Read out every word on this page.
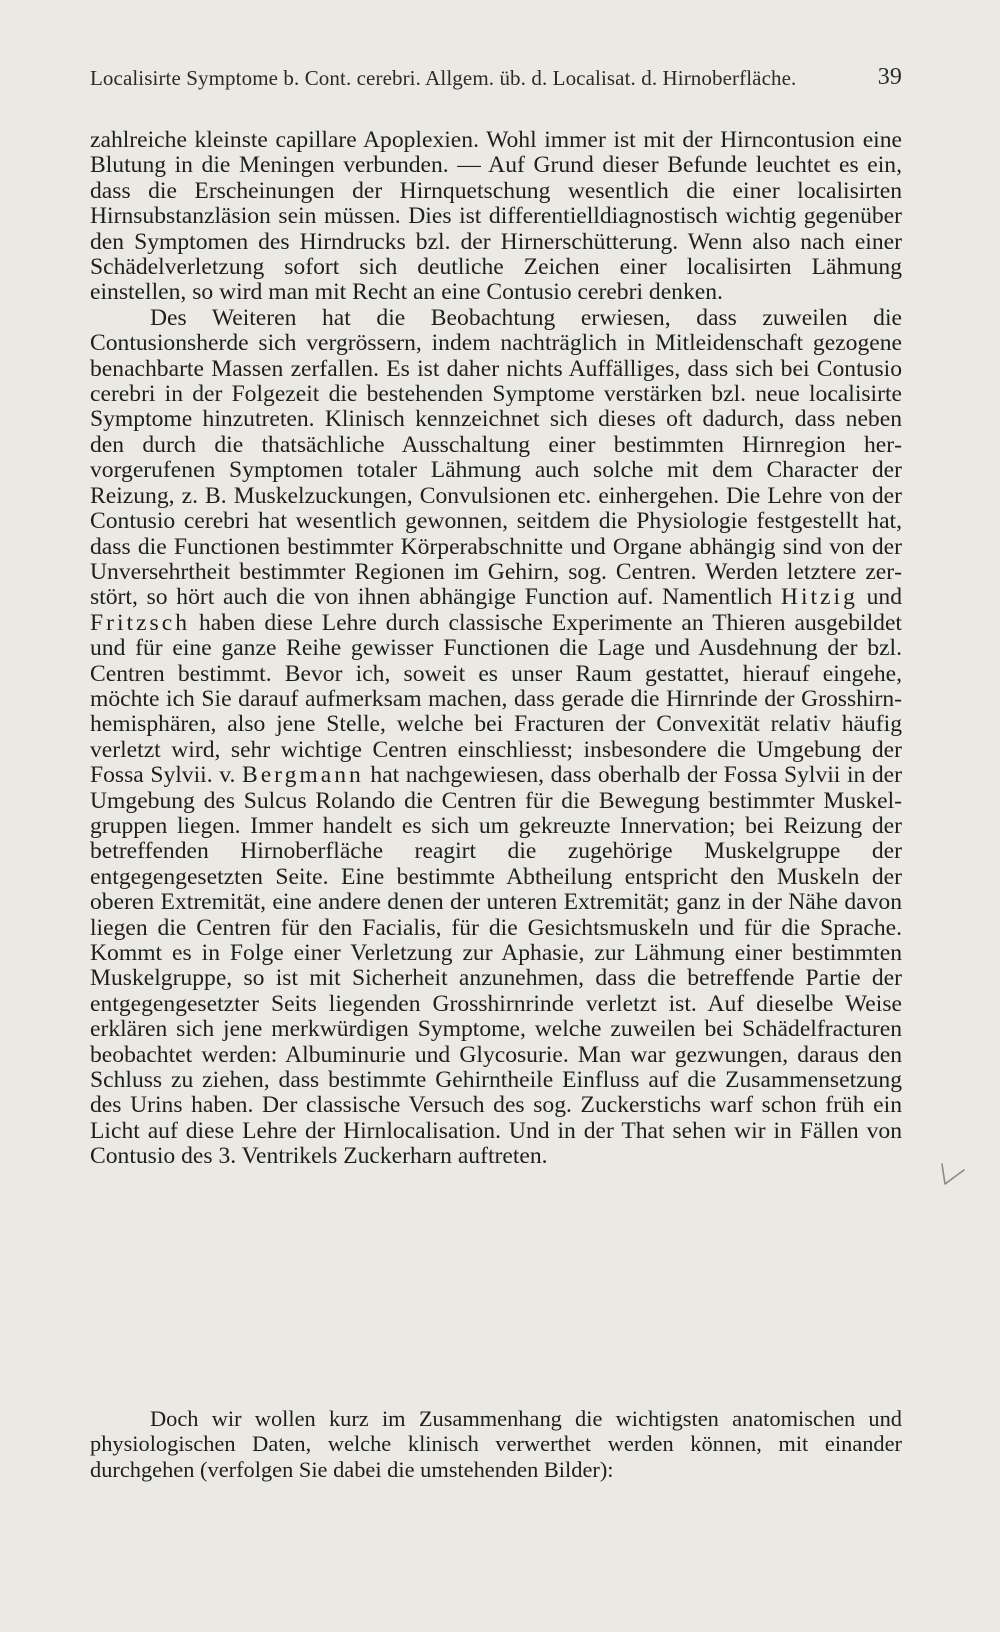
Localisirte Symptome b. Cont. cerebri. Allgem. üb. d. Localisat. d. Hirnoberfläche.	39

zahlreiche kleinste capillare Apoplexien. Wohl immer ist mit der Hirncontusion eine Blutung in die Meningen verbunden. — Auf Grund dieser Befunde leuchtet es ein, dass die Erscheinungen der Hirnquetschung wesentlich die einer localisirten Hirnsubstanzläsion sein müssen. Dies ist differentielldiagnostisch wichtig gegenüber den Symptomen des Hirndrucks bzl. der Hirnerschütterung. Wenn also nach einer Schädelverletzung sofort sich deutliche Zeichen einer localisirten Lähmung einstellen, so wird man mit Recht an eine Contusio cerebri denken.

Des Weiteren hat die Beobachtung erwiesen, dass zuweilen die Contusionsherde sich vergrössern, indem nachträglich in Mitleidenschaft gezogene benachbarte Massen zerfallen. Es ist daher nichts Auffälliges, dass sich bei Contusio cerebri in der Folgezeit die bestehenden Symptome verstärken bzl. neue localisirte Symptome hinzutreten. Klinisch kennzeichnet sich dieses oft dadurch, dass neben den durch die thatsächliche Ausschaltung einer bestimmten Hirnregion hervorgerufenen Symptomen totaler Lähmung auch solche mit dem Character der Reizung, z. B. Muskelzuckungen, Convulsionen etc. einhergehen. Die Lehre von der Contusio cerebri hat wesentlich gewonnen, seitdem die Physiologie festgestellt hat, dass die Functionen bestimmter Körperabschnitte und Organe abhängig sind von der Unversehrtheit bestimmter Regionen im Gehirn, sog. Centren. Werden letztere zerstört, so hört auch die von ihnen abhängige Function auf. Namentlich Hitzig und Fritzsch haben diese Lehre durch classische Experimente an Thieren ausgebildet und für eine ganze Reihe gewisser Functionen die Lage und Ausdehnung der bzl. Centren bestimmt. Bevor ich, soweit es unser Raum gestattet, hierauf eingehe, möchte ich Sie darauf aufmerksam machen, dass gerade die Hirnrinde der Grosshirnhemisphären, also jene Stelle, welche bei Fracturen der Convexität relativ häufig verletzt wird, sehr wichtige Centren einschliesst; insbesondere die Umgebung der Fossa Sylvii. v. Bergmann hat nachgewiesen, dass oberhalb der Fossa Sylvii in der Umgebung des Sulcus Rolando die Centren für die Bewegung bestimmter Muskelgruppen liegen. Immer handelt es sich um gekreuzte Innervation; bei Reizung der betreffenden Hirnoberfläche reagirt die zugehörige Muskelgruppe der entgegengesetzten Seite. Eine bestimmte Abtheilung entspricht den Muskeln der oberen Extremität, eine andere denen der unteren Extremität; ganz in der Nähe davon liegen die Centren für den Facialis, für die Gesichtsmuskeln und für die Sprache. Kommt es in Folge einer Verletzung zur Aphasie, zur Lähmung einer bestimmten Muskelgruppe, so ist mit Sicherheit anzunehmen, dass die betreffende Partie der entgegengesetzter Seits liegenden Grosshirnrinde verletzt ist. Auf dieselbe Weise erklären sich jene merkwürdigen Symptome, welche zuweilen bei Schädelfracturen beobachtet werden: Albuminurie und Glycosurie. Man war gezwungen, daraus den Schluss zu ziehen, dass bestimmte Gehirntheile Einfluss auf die Zusammensetzung des Urins haben. Der classische Versuch des sog. Zuckerstichs warf schon früh ein Licht auf diese Lehre der Hirnlocalisation. Und in der That sehen wir in Fällen von Contusio des 3. Ventrikels Zuckerharn auftreten.

Doch wir wollen kurz im Zusammenhang die wichtigsten anatomischen und physiologischen Daten, welche klinisch verwerthet werden können, mit einander durchgehen (verfolgen Sie dabei die umstehenden Bilder):
